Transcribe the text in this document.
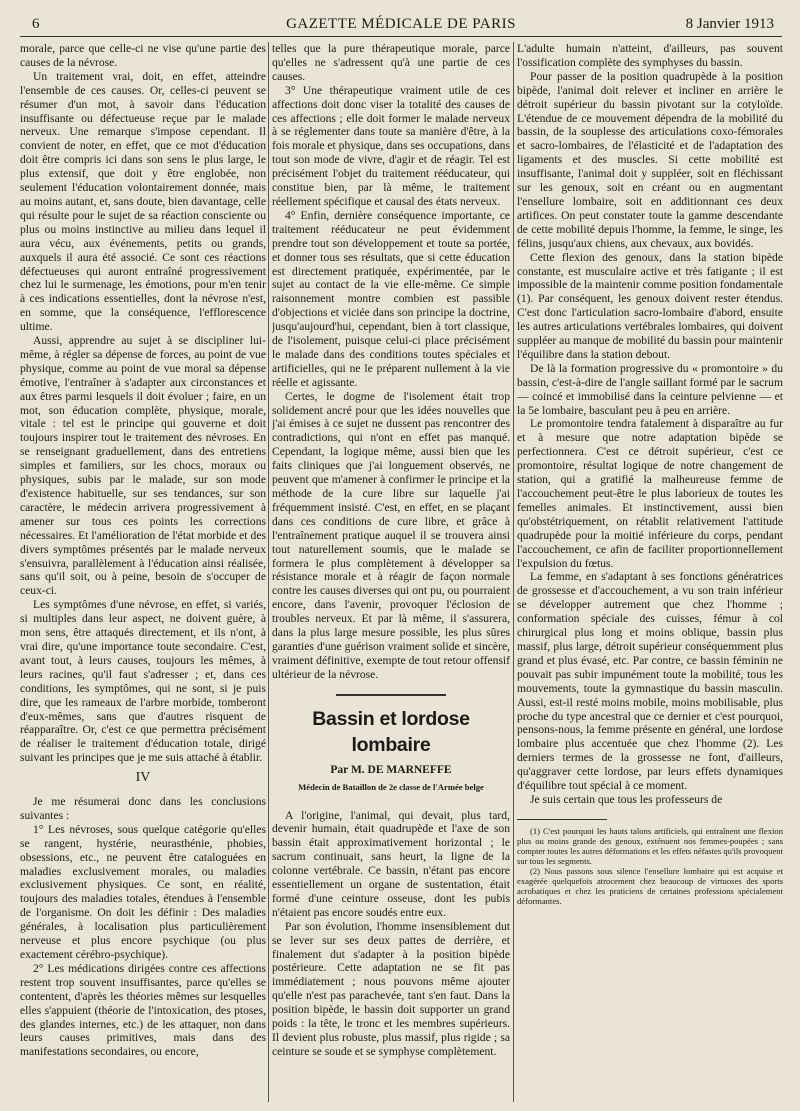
6	GAZETTE MÉDICALE DE PARIS	8 Janvier 1913

morale, parce que celle-ci ne vise qu'une partie des causes de la névrose.

Un traitement vrai, doit, en effet, atteindre l'ensemble de ces causes. Or, celles-ci peuvent se résumer d'un mot, à savoir dans l'éducation insuffisante ou défectueuse reçue par le malade nerveux. Une remarque s'impose cependant. Il convient de noter, en effet, que ce mot d'éducation doit être compris ici dans son sens le plus large, le plus extensif, que doit y être englobée, non seulement l'éducation volontairement donnée, mais au moins autant, et, sans doute, bien davantage, celle qui résulte pour le sujet de sa réaction consciente ou plus ou moins instinctive au milieu dans lequel il aura vécu, aux événements, petits ou grands, auxquels il aura été associé. Ce sont ces réactions défectueuses qui auront entraîné progressivement chez lui le surmenage, les émotions, pour m'en tenir à ces indications essentielles, dont la névrose n'est, en somme, que la conséquence, l'efflorescence ultime.

Aussi, apprendre au sujet à se discipliner lui-même, à régler sa dépense de forces, au point de vue physique, comme au point de vue moral sa dépense émotive, l'entraîner à s'adapter aux circonstances et aux êtres parmi lesquels il doit évoluer ; faire, en un mot, son éducation complète, physique, morale, vitale : tel est le principe qui gouverne et doit toujours inspirer tout le traitement des névroses. En se renseignant graduellement, dans des entretiens simples et familiers, sur les chocs, moraux ou physiques, subis par le malade, sur son mode d'existence habituelle, sur ses tendances, sur son caractère, le médecin arrivera progressivement à amener sur tous ces points les corrections nécessaires. Et l'amélioration de l'état morbide et des divers symptômes présentés par le malade nerveux s'ensuivra, parallèlement à l'éducation ainsi réalisée, sans qu'il soit, ou à peine, besoin de s'occuper de ceux-ci.

Les symptômes d'une névrose, en effet, si variés, si multiples dans leur aspect, ne doivent guère, à mon sens, être attaqués directement, et ils n'ont, à vrai dire, qu'une importance toute secondaire. C'est, avant tout, à leurs causes, toujours les mêmes, à leurs racines, qu'il faut s'adresser ; et, dans ces conditions, les symptômes, qui ne sont, si je puis dire, que les rameaux de l'arbre morbide, tomberont d'eux-mêmes, sans que d'autres risquent de réapparaître. Or, c'est ce que permettra précisément de réaliser le traitement d'éducation totale, dirigé suivant les principes que je me suis attaché à établir.

IV

Je me résumerai donc dans les conclusions suivantes :

1° Les névroses, sous quelque catégorie qu'elles se rangent, hystérie, neurasthénie, phobies, obsessions, etc., ne peuvent être cataloguées en maladies exclusivement morales, ou maladies exclusivement physiques. Ce sont, en réalité, toujours des maladies totales, étendues à l'ensemble de l'organisme. On doit les définir : Des maladies générales, à localisation plus particulièrement nerveuse et plus encore psychique (ou plus exactement cérébro-psychique).

2° Les médications dirigées contre ces affections restent trop souvent insuffisantes, parce qu'elles se contentent, d'après les théories mêmes sur lesquelles elles s'appuient (théorie de l'intoxication, des ptoses, des glandes internes, etc.) de les attaquer, non dans leurs causes primitives, mais dans des manifestations secondaires, ou encore,

telles que la pure thérapeutique morale, parce qu'elles ne s'adressent qu'à une partie de ces causes.

3° Une thérapeutique vraiment utile de ces affections doit donc viser la totalité des causes de ces affections ; elle doit former le malade nerveux à se réglementer dans toute sa manière d'être, à la fois morale et physique, dans ses occupations, dans tout son mode de vivre, d'agir et de réagir. Tel est précisément l'objet du traitement rééducateur, qui constitue bien, par là même, le traitement réellement spécifique et causal des états nerveux.

4° Enfin, dernière conséquence importante, ce traitement rééducateur ne peut évidemment prendre tout son développement et toute sa portée, et donner tous ses résultats, que si cette éducation est directement pratiquée, expérimentée, par le sujet au contact de la vie elle-même. Ce simple raisonnement montre combien est passible d'objections et viciée dans son principe la doctrine, jusqu'aujourd'hui, cependant, bien à tort classique, de l'isolement, puisque celui-ci place précisément le malade dans des conditions toutes spéciales et artificielles, qui ne le préparent nullement à la vie réelle et agissante.

Certes, le dogme de l'isolement était trop solidement ancré pour que les idées nouvelles que j'ai émises à ce sujet ne dussent pas rencontrer des contradictions, qui n'ont en effet pas manqué. Cependant, la logique même, aussi bien que les faits cliniques que j'ai longuement observés, ne peuvent que m'amener à confirmer le principe et la méthode de la cure libre sur laquelle j'ai fréquemment insisté. C'est, en effet, en se plaçant dans ces conditions de cure libre, et grâce à l'entraînement pratique auquel il se trouvera ainsi tout naturellement soumis, que le malade se formera le plus complètement à développer sa résistance morale et à réagir de façon normale contre les causes diverses qui ont pu, ou pourraient encore, dans l'avenir, provoquer l'éclosion de troubles nerveux. Et par là même, il s'assurera, dans la plus large mesure possible, les plus sûres garanties d'une guérison vraiment solide et sincère, vraiment définitive, exempte de tout retour offensif ultérieur de la névrose.

Bassin et lordose lombaire
Par M. DE MARNEFFE
Médecin de Bataillon de 2e classe de l'Armée belge

A l'origine, l'animal, qui devait, plus tard, devenir humain, était quadrupède et l'axe de son bassin était approximativement horizontal ; le sacrum continuait, sans heurt, la ligne de la colonne vertébrale. Ce bassin, n'étant pas encore essentiellement un organe de sustentation, était formé d'une ceinture osseuse, dont les pubis n'étaient pas encore soudés entre eux.

Par son évolution, l'homme insensiblement dut se lever sur ses deux pattes de derrière, et finalement dut s'adapter à la position bipède postérieure. Cette adaptation ne se fit pas immédiatement ; nous pouvons même ajouter qu'elle n'est pas parachevée, tant s'en faut. Dans la position bipède, le bassin doit supporter un grand poids : la tête, le tronc et les membres supérieurs. Il devient plus robuste, plus massif, plus rigide ; sa ceinture se soude et se symphyse complètement.

L'adulte humain n'atteint, d'ailleurs, pas souvent l'ossification complète des symphyses du bassin.

Pour passer de la position quadrupède à la position bipède, l'animal doit relever et incliner en arrière le détroit supérieur du bassin pivotant sur la cotyloïde. L'étendue de ce mouvement dépendra de la mobilité du bassin, de la souplesse des articulations coxo-fémorales et sacro-lombaires, de l'élasticité et de l'adaptation des ligaments et des muscles. Si cette mobilité est insuffisante, l'animal doit y suppléer, soit en fléchissant sur les genoux, soit en créant ou en augmentant l'ensellure lombaire, soit en additionnant ces deux artifices. On peut constater toute la gamme descendante de cette mobilité depuis l'homme, la femme, le singe, les félins, jusqu'aux chiens, aux chevaux, aux bovidés.

Cette flexion des genoux, dans la station bipède constante, est musculaire active et très fatigante ; il est impossible de la maintenir comme position fondamentale (1). Par conséquent, les genoux doivent rester étendus. C'est donc l'articulation sacro-lombaire d'abord, ensuite les autres articulations vertébrales lombaires, qui doivent suppléer au manque de mobilité du bassin pour maintenir l'équilibre dans la station debout.

De là la formation progressive du « promontoire » du bassin, c'est-à-dire de l'angle saillant formé par le sacrum — coincé et immobilisé dans la ceinture pelvienne — et la 5e lombaire, basculant peu à peu en arrière.

Le promontoire tendra fatalement à disparaître au fur et à mesure que notre adaptation bipède se perfectionnera. C'est ce détroit supérieur, c'est ce promontoire, résultat logique de notre changement de station, qui a gratifié la malheureuse femme de l'accouchement peut-être le plus laborieux de toutes les femelles animales. Et instinctivement, aussi bien qu'obstétriquement, on rétablit relativement l'attitude quadrupède pour la moitié inférieure du corps, pendant l'accouchement, ce afin de faciliter proportionnellement l'expulsion du fœtus.

La femme, en s'adaptant à ses fonctions génératrices de grossesse et d'accouchement, a vu son train inférieur se développer autrement que chez l'homme ; conformation spéciale des cuisses, fémur à col chirurgical plus long et moins oblique, bassin plus massif, plus large, détroit supérieur conséquemment plus grand et plus évasé, etc. Par contre, ce bassin féminin ne pouvait pas subir impunément toute la mobilité, tous les mouvements, toute la gymnastique du bassin masculin. Aussi, est-il resté moins mobile, moins mobilisable, plus proche du type ancestral que ce dernier et c'est pourquoi, pensons-nous, la femme présente en général, une lordose lombaire plus accentuée que chez l'homme (2). Les derniers termes de la grossesse ne font, d'ailleurs, qu'aggraver cette lordose, par leurs effets dynamiques d'équilibre tout spécial à ce moment.

Je suis certain que tous les professeurs de

(1) C'est pourquoi les hauts talons artificiels, qui entraînent une flexion plus ou moins grande des genoux, exténuent nos femmes-poupées ; sans compter toutes les autres déformations et les effets néfastes qu'ils provoquent sur tous les segments.

(2) Nous passons sous silence l'ensellure lombaire qui est acquise et exagérée quelquefois atrocement chez beaucoup de virtuoses des sports acrobatiques et chez les praticiens de certaines professions spécialement déformantes.
